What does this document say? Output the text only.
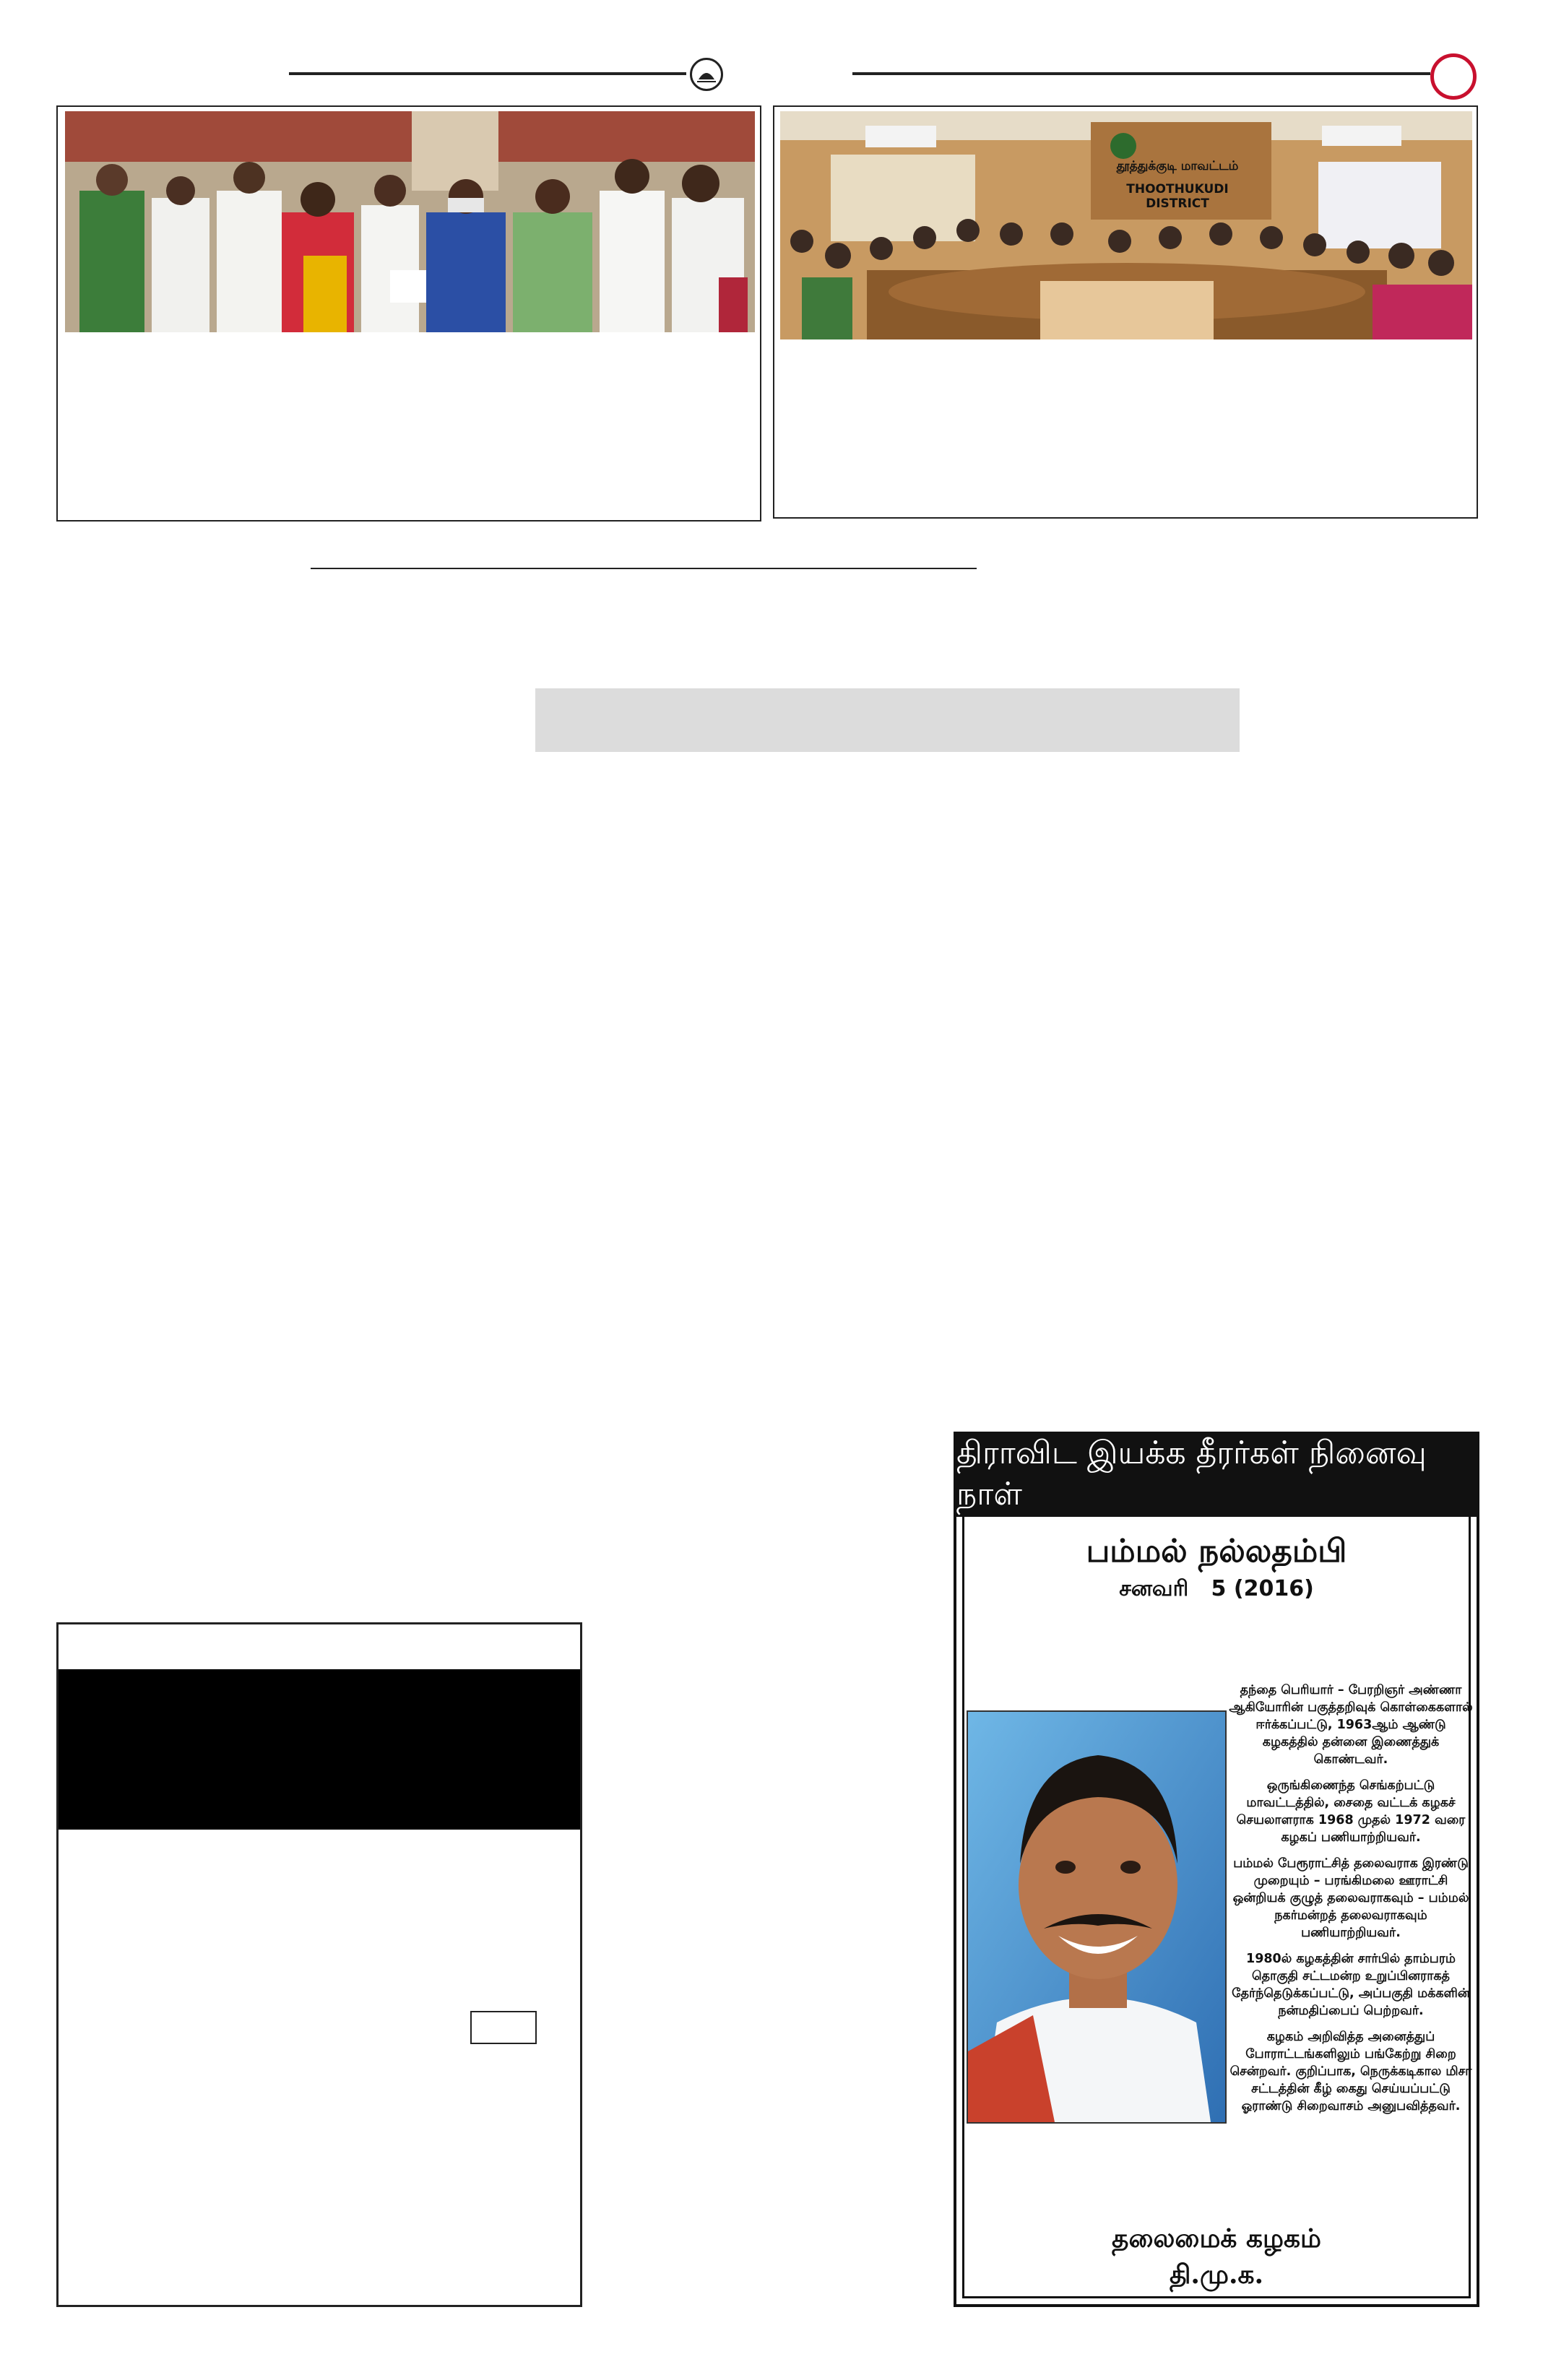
தூத்துக்குடி மாவட்டம்
THOOTHUKUDI DISTRICT
திராவிட இயக்க தீரர்கள் நினைவு நாள்
பம்மல் நல்லதம்பி
சனவரி   5 (2016)

தந்தை பெரியார் – பேரறிஞர் அண்ணா ஆகியோரின் பகுத்தறிவுக் கொள்கைகளால் ஈர்க்கப்பட்டு, 1963ஆம் ஆண்டு கழகத்தில் தன்னை இணைத்துக் கொண்டவர்.

ஒருங்கிணைந்த செங்கற்பட்டு மாவட்டத்தில், சைதை வட்டக் கழகச் செயலாளராக 1968 முதல் 1972 வரை கழகப் பணியாற்றியவர்.

பம்மல் பேரூராட்சித் தலைவராக இரண்டு முறையும் – பரங்கிமலை ஊராட்சி ஒன்றியக் குழுத் தலைவராகவும் – பம்மல் நகர்மன்றத் தலைவராகவும் பணியாற்றியவர்.

1980ல் கழகத்தின் சார்பில் தாம்பரம் தொகுதி சட்டமன்ற உறுப்பினராகத் தேர்ந்தெடுக்கப்பட்டு, அப்பகுதி மக்களின் நன்மதிப்பைப் பெற்றவர்.

கழகம் அறிவித்த அனைத்துப் போராட்டங்களிலும் பங்கேற்று சிறை சென்றவர். குறிப்பாக, நெருக்கடிகால மிசா சட்டத்தின் கீழ் கைது செய்யப்பட்டு ஓராண்டு சிறைவாசம் அனுபவித்தவர்.

தலைமைக் கழகம்
தி.மு.க.
